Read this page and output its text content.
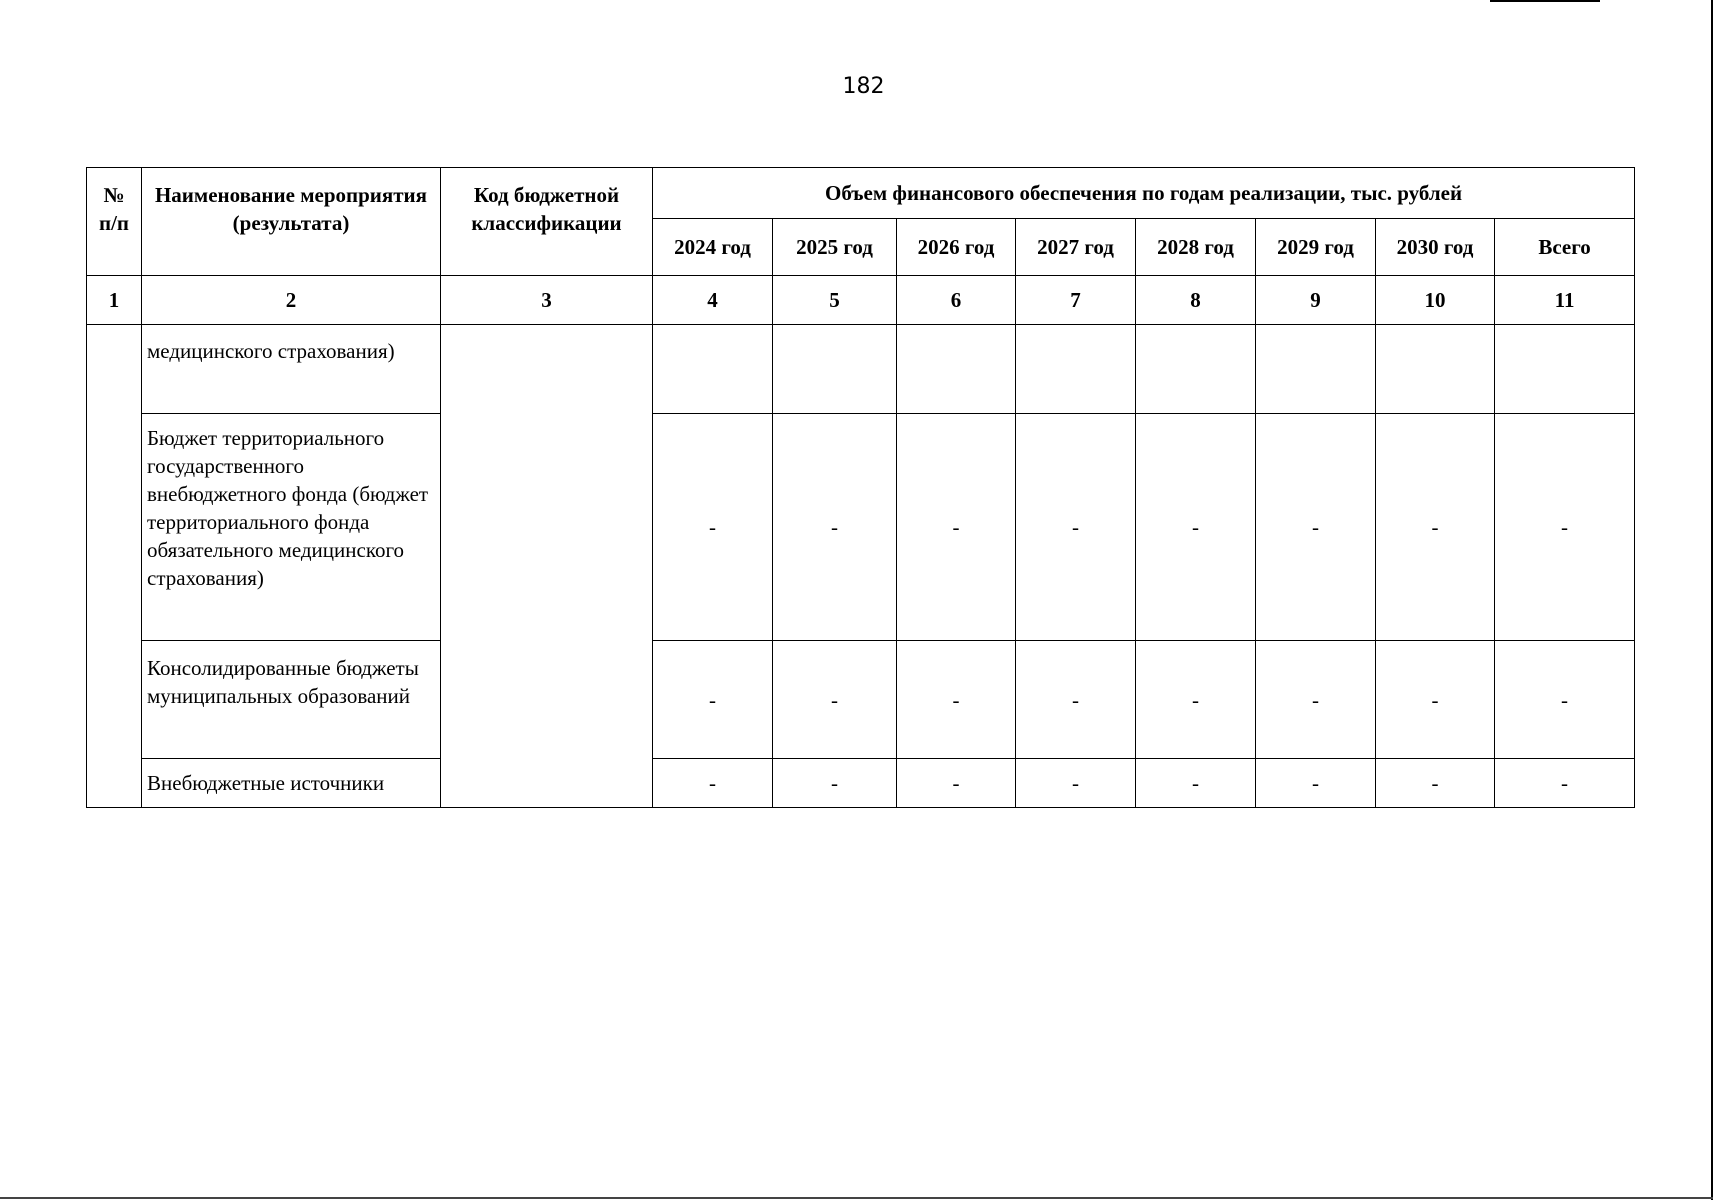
182
№ п/п	Наименование мероприятия (результата)	Код бюджетной классификации	Объем финансового обеспечения по годам реализации, тыс. рублей							
			2024 год	2025 год	2026 год	2027 год	2028 год	2029 год	2030 год	Всего
1	2	3	4	5	6	7	8	9	10	11
	медицинского страхования)									
	Бюджет территориального государственного внебюджетного фонда (бюджет территориального фонда обязательного медицинского страхования)		-	-	-	-	-	-	-	-
	Консолидированные бюджеты муниципальных образований		-	-	-	-	-	-	-	-
	Внебюджетные источники		-	-	-	-	-	-	-	-
